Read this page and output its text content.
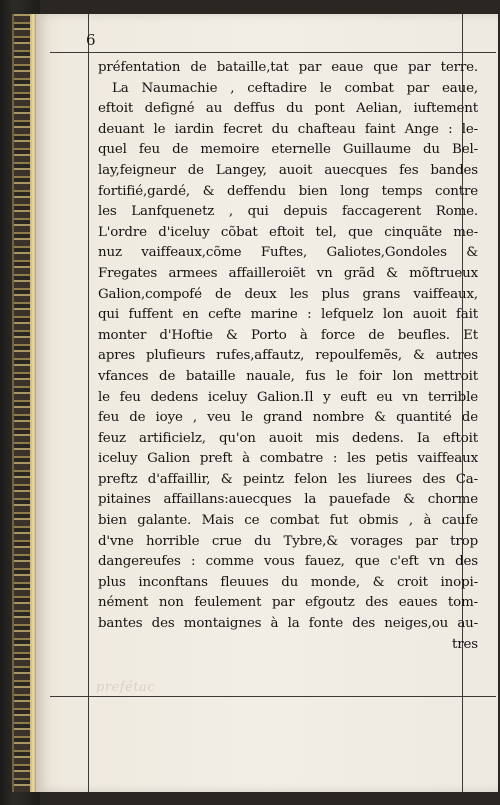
6
prefétac
préfentation de bataille,tat par eaue que par terre.
La Naumachie , ceftadire le combat par eaue,
eftoit defigné au deffus du pont Aelian, iuftement
deuant le iardin fecret du chafteau faint Ange : le-
quel feu de memoire eternelle Guillaume du Bel-
lay,feigneur de Langey, auoit auecques fes bandes
fortifié,gardé, & deffendu bien long temps contre
les Lanfquenetz , qui depuis faccagerent Rome.
L'ordre d'iceluy cõbat eftoit tel, que cinquãte me-
nuz vaiffeaux,cõme Fuftes, Galiotes,Gondoles &
Fregates armees affailleroiẽt vn grãd & mõftrueux
Galion,compofé de deux les plus grans vaiffeaux,
qui fuffent en cefte marine : lefquelz lon auoit fait
monter d'Hoftie & Porto à force de beufles. Et
apres plufieurs rufes,affautz, repoulfemẽs, & autres
vfances de bataille nauale, fus le foir lon mettroit
le feu dedens iceluy Galion.Il y euft eu vn terrible
feu de ioye , veu le grand nombre & quantité de
feuz artificielz, qu'on auoit mis dedens. Ia eftoit
iceluy Galion preft à combatre : les petis vaiffeaux
preftz d'affaillir, & peintz felon les liurees des Ca-
pitaines affaillans:auecques la pauefade & chorme
bien galante. Mais ce combat fut obmis , à caufe
d'vne horrible crue du Tybre,& vorages par trop
dangereufes : comme vous fauez, que c'eft vn des
plus inconftans fleuues du monde, & croit inopi-
nément non feulement par efgoutz des eaues tom-
bantes des montaignes à la fonte des neiges,ou au-
tres
